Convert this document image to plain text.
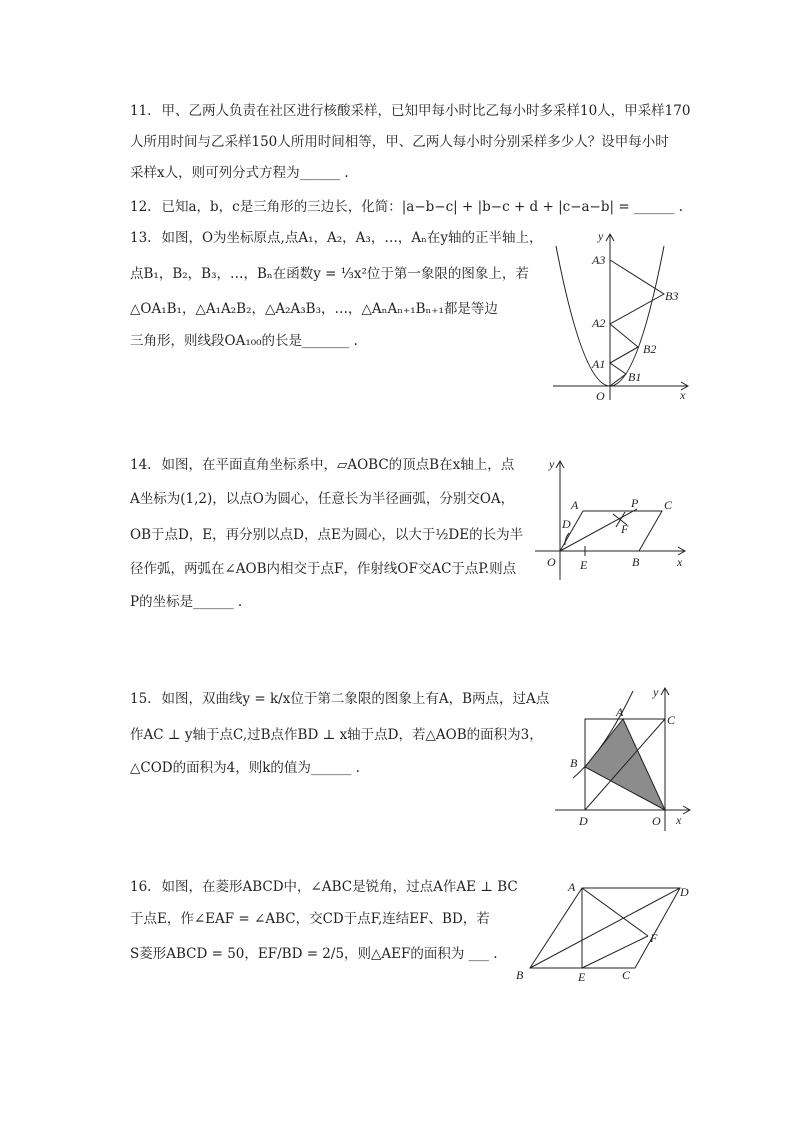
11. 甲、乙两人负责在社区进行核酸采样，已知甲每小时比乙每小时多采样10人，甲采样170
人所用时间与乙采样150人所用时间相等，甲、乙两人每小时分别采样多少人？设甲每小时
采样x人，则可列分式方程为______ .
12. 已知a，b，c是三角形的三边长，化简：|a−b−c| + |b−c + d + |c−a−b| = ______ .
13. 如图，O为坐标原点,点A₁，A₂，A₃，…，Aₙ在y轴的正半轴上，
点B₁，B₂，B₃，…，Bₙ在函数y = ⅓x²位于第一象限的图象上，若
△OA₁B₁，△A₁A₂B₂，△A₂A₃B₃，…，△AₙAₙ₊₁Bₙ₊₁都是等边
三角形，则线段OA₁₀₀的长是_______ .
y
x
O
A1
A2
A3
B1
B2
B3
14. 如图，在平面直角坐标系中，▱AOBC的顶点B在x轴上，点
A坐标为(1,2)，以点O为圆心，任意长为半径画弧，分别交OA，
OB于点D，E，再分别以点D，点E为圆心，以大于½DE的长为半
径作弧，两弧在∠AOB内相交于点F，作射线OF交AC于点P.则点
P的坐标是______ .
y
x
O
A	P C
D	F
E	B
15. 如图，双曲线y = k/x位于第二象限的图象上有A，B两点，过A点
作AC ⊥ y轴于点C,过B点作BD ⊥ x轴于点D，若△AOB的面积为3，
△COD的面积为4，则k的值为______ .
y
x
A
C
B
D	O
16. 如图，在菱形ABCD中，∠ABC是锐角，过点A作AE ⊥ BC
于点E，作∠EAF = ∠ABC，交CD于点F,连结EF、BD，若
S菱形ABCD = 50，EF/BD = 2/5，则△AEF的面积为 ___ .
A	D
F
B	E	C
